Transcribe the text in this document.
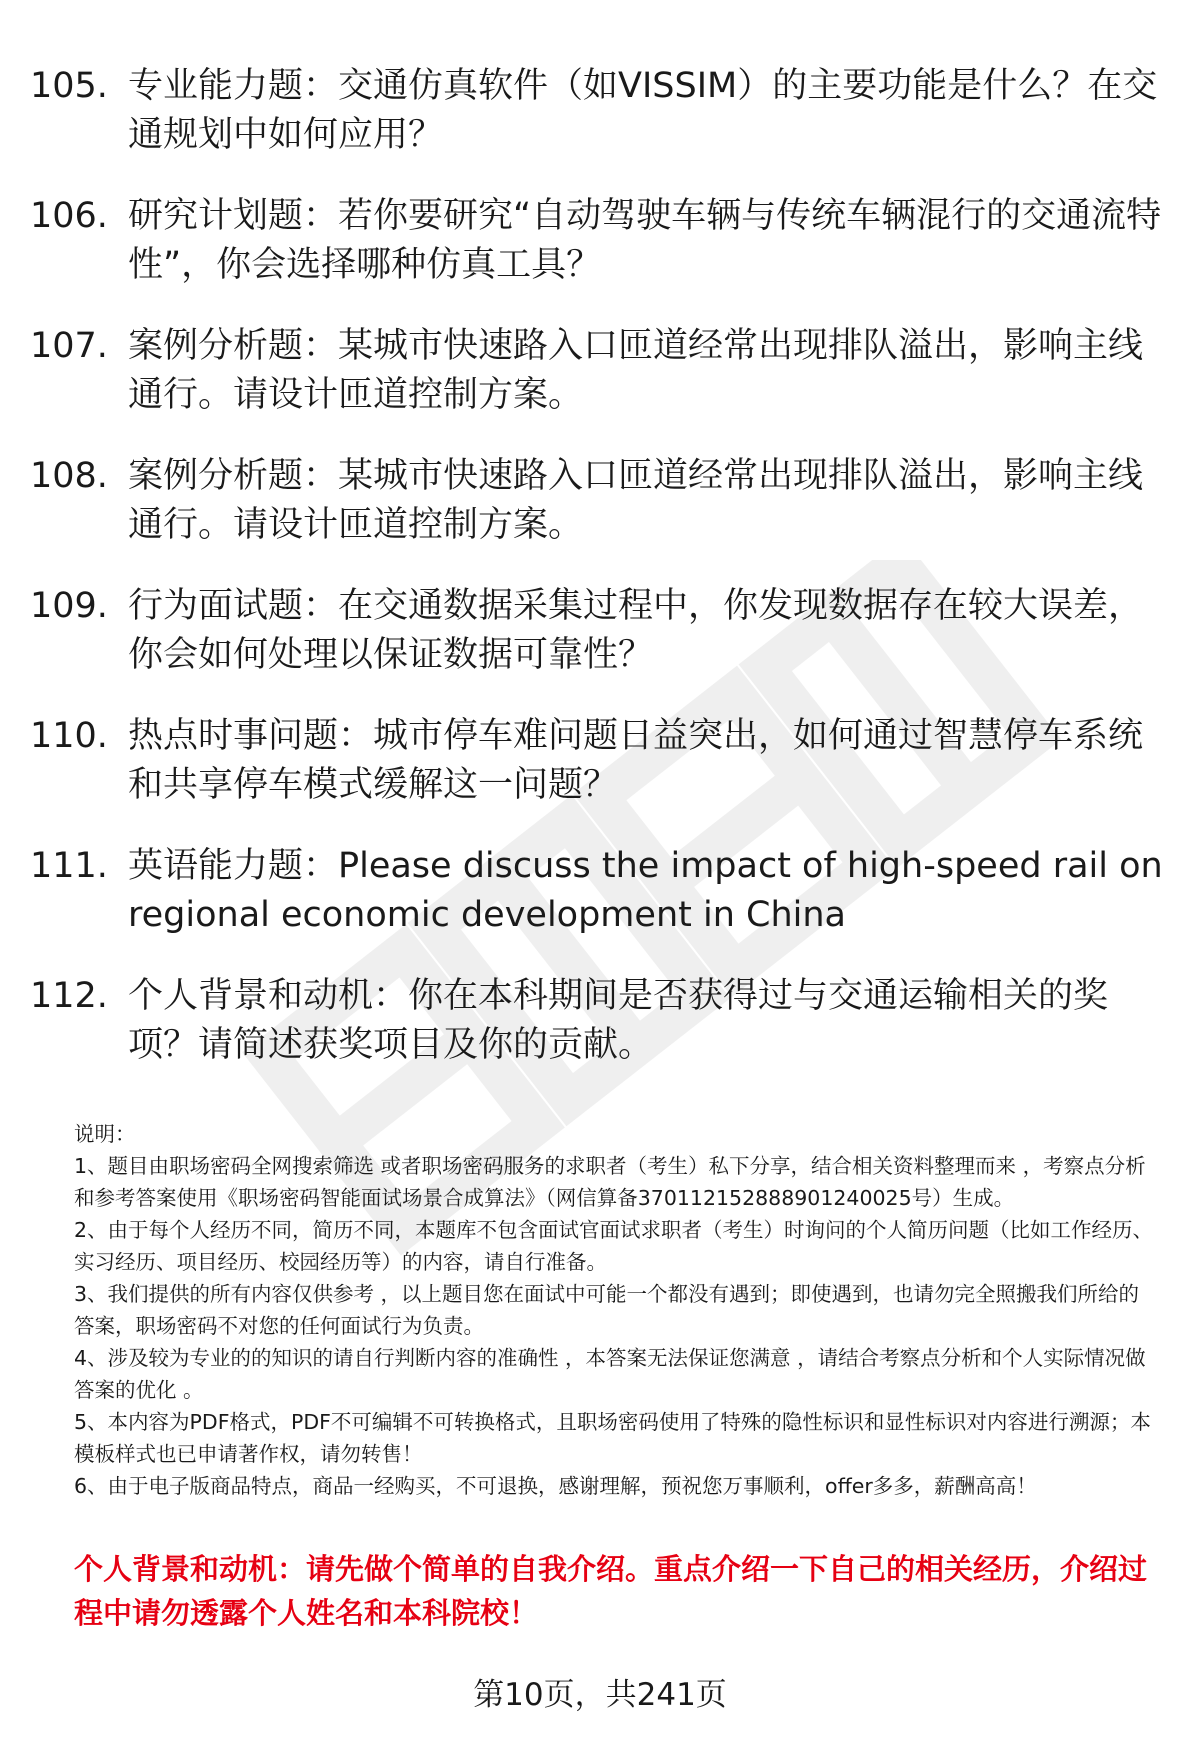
105. 专业能力题：交通仿真软件（如VISSIM）的主要功能是什么？在交通规划中如何应用？
106. 研究计划题：若你要研究“自动驾驶车辆与传统车辆混行的交通流特性”，你会选择哪种仿真工具？
107. 案例分析题：某城市快速路入口匝道经常出现排队溢出，影响主线通行。请设计匝道控制方案。
108. 案例分析题：某城市快速路入口匝道经常出现排队溢出，影响主线通行。请设计匝道控制方案。
109. 行为面试题：在交通数据采集过程中，你发现数据存在较大误差，你会如何处理以保证数据可靠性？
110. 热点时事问题：城市停车难问题日益突出，如何通过智慧停车系统和共享停车模式缓解这一问题？
111. 英语能力题：Please discuss the impact of high-speed rail on regional economic development in China
112. 个人背景和动机：你在本科期间是否获得过与交通运输相关的奖项？请简述获奖项目及你的贡献。

说明：

1、题目由职场密码全网搜索筛选 或者职场密码服务的求职者（考生）私下分享，结合相关资料整理而来 ，考察点分析和参考答案使用《职场密码智能面试场景合成算法》（网信算备370112152888901240025号）生成。

2、由于每个人经历不同，简历不同，本题库不包含面试官面试求职者（考生）时询问的个人简历问题（比如工作经历、实习经历、项目经历、校园经历等）的内容，请自行准备。

3、我们提供的所有内容仅供参考 ，以上题目您在面试中可能一个都没有遇到；即使遇到，也请勿完全照搬我们所给的答案，职场密码不对您的任何面试行为负责。

4、涉及较为专业的的知识的请自行判断内容的准确性 ，本答案无法保证您满意 ，请结合考察点分析和个人实际情况做答案的优化 。

5、本内容为PDF格式，PDF不可编辑不可转换格式，且职场密码使用了特殊的隐性标识和显性标识对内容进行溯源；本模板样式也已申请著作权，请勿转售！

6、由于电子版商品特点，商品一经购买，不可退换，感谢理解，预祝您万事顺利，offer多多，薪酬高高！

个人背景和动机：请先做个简单的自我介绍。重点介绍一下自己的相关经历，介绍过程中请勿透露个人姓名和本科院校！
第10页，共241页
